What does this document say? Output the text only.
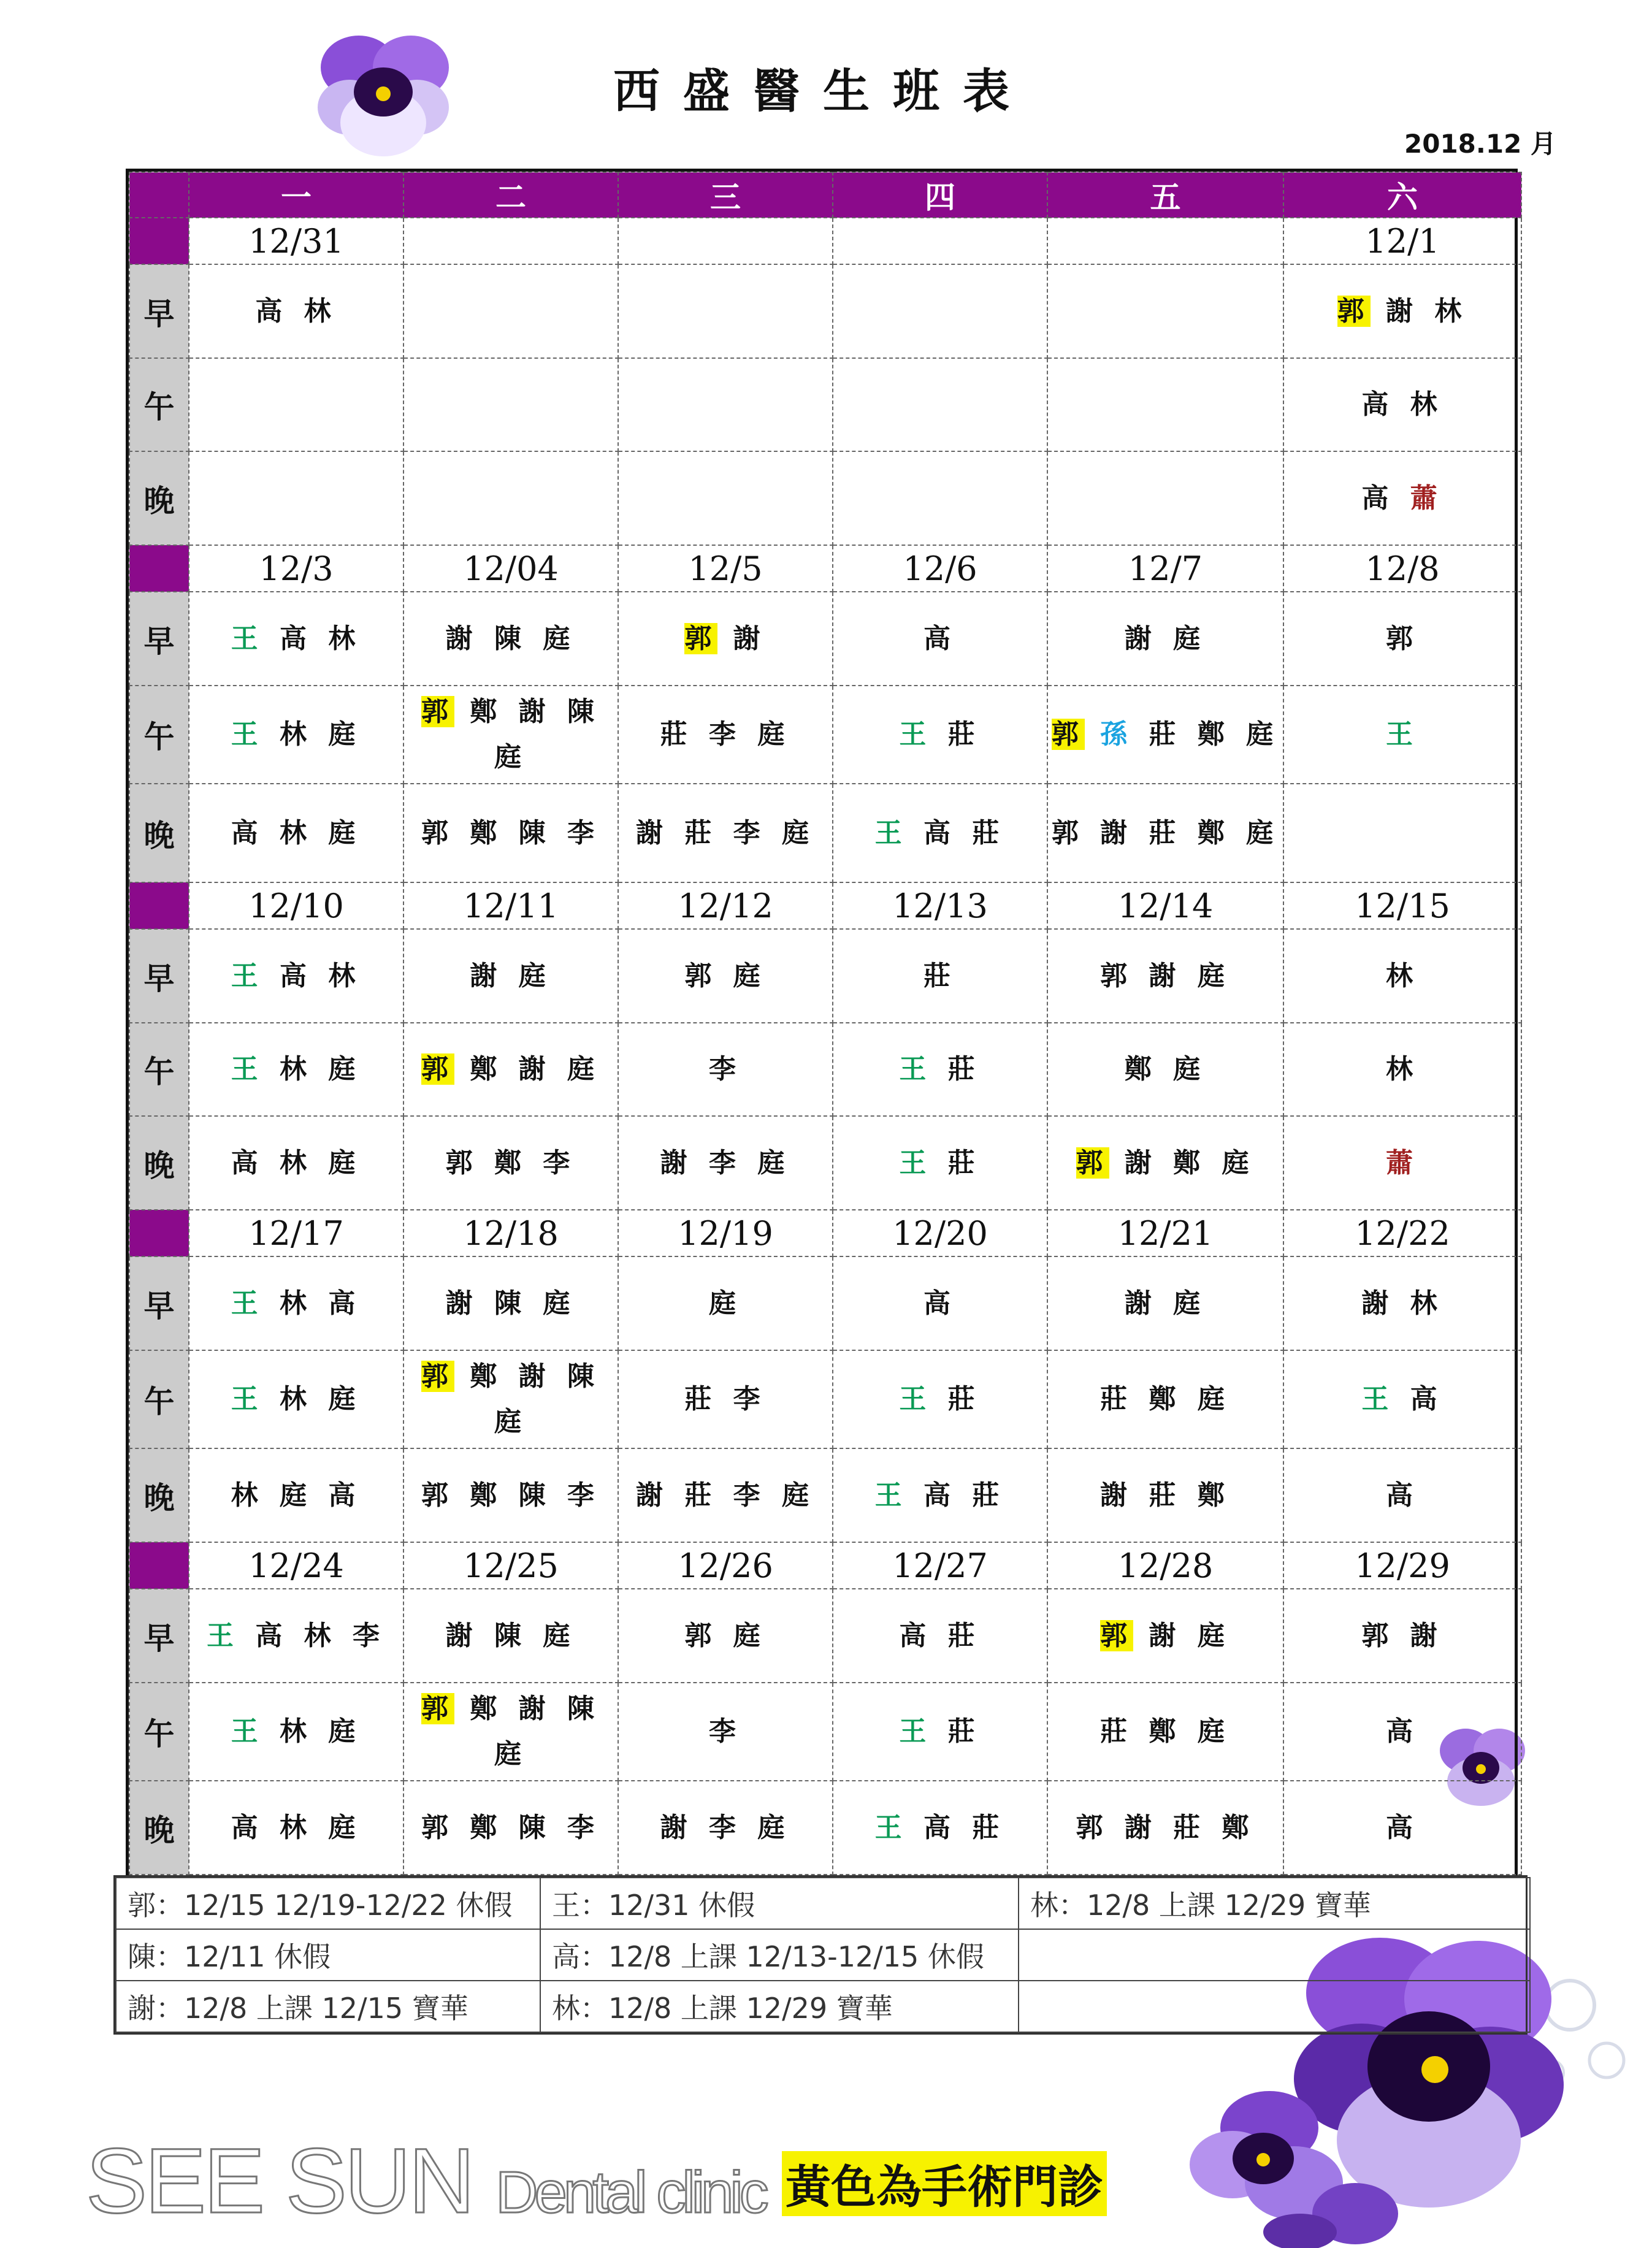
西盛醫生班表
2018.12 月
	一	二	三	四	五	六
	12/31					12/1
早	高 林					郭 謝 林
午						高 林
晚						高 蕭
	12/3	12/04	12/5	12/6	12/7	12/8
早	王 高 林	謝 陳 庭	郭 謝	高	謝 庭	郭
午	王 林 庭	郭 鄭 謝 陳 庭	莊 李 庭	王 莊	郭 孫 莊 鄭 庭	王
晚	高 林 庭	郭 鄭 陳 李	謝 莊 李 庭	王 高 莊	郭 謝 莊 鄭 庭	
	12/10	12/11	12/12	12/13	12/14	12/15
早	王 高 林	謝 庭	郭 庭	莊	郭 謝 庭	林
午	王 林 庭	郭 鄭 謝 庭	李	王 莊	鄭 庭	林
晚	高 林 庭	郭 鄭 李	謝 李 庭	王 莊	郭 謝 鄭 庭	蕭
	12/17	12/18	12/19	12/20	12/21	12/22
早	王 林 高	謝 陳 庭	庭	高	謝 庭	謝 林
午	王 林 庭	郭 鄭 謝 陳 庭	莊 李	王 莊	莊 鄭 庭	王 高
晚	林 庭 高	郭 鄭 陳 李	謝 莊 李 庭	王 高 莊	謝 莊 鄭	高
	12/24	12/25	12/26	12/27	12/28	12/29
早	王 高 林 李	謝 陳 庭	郭 庭	高 莊	郭 謝 庭	郭 謝
午	王 林 庭	郭 鄭 謝 陳 庭	李	王 莊	莊 鄭 庭	高
晚	高 林 庭	郭 鄭 陳 李	謝 李 庭	王 高 莊	郭 謝 莊 鄭	高
郭：12/15 12/19-12/22 休假	王：12/31 休假	林：12/8 上課 12/29 寶華
陳：12/11 休假	高：12/8 上課 12/13-12/15 休假	
謝：12/8 上課 12/15 寶華	林：12/8 上課 12/29 寶華	
SEE SUN Dental clinic 黃色為手術門診
